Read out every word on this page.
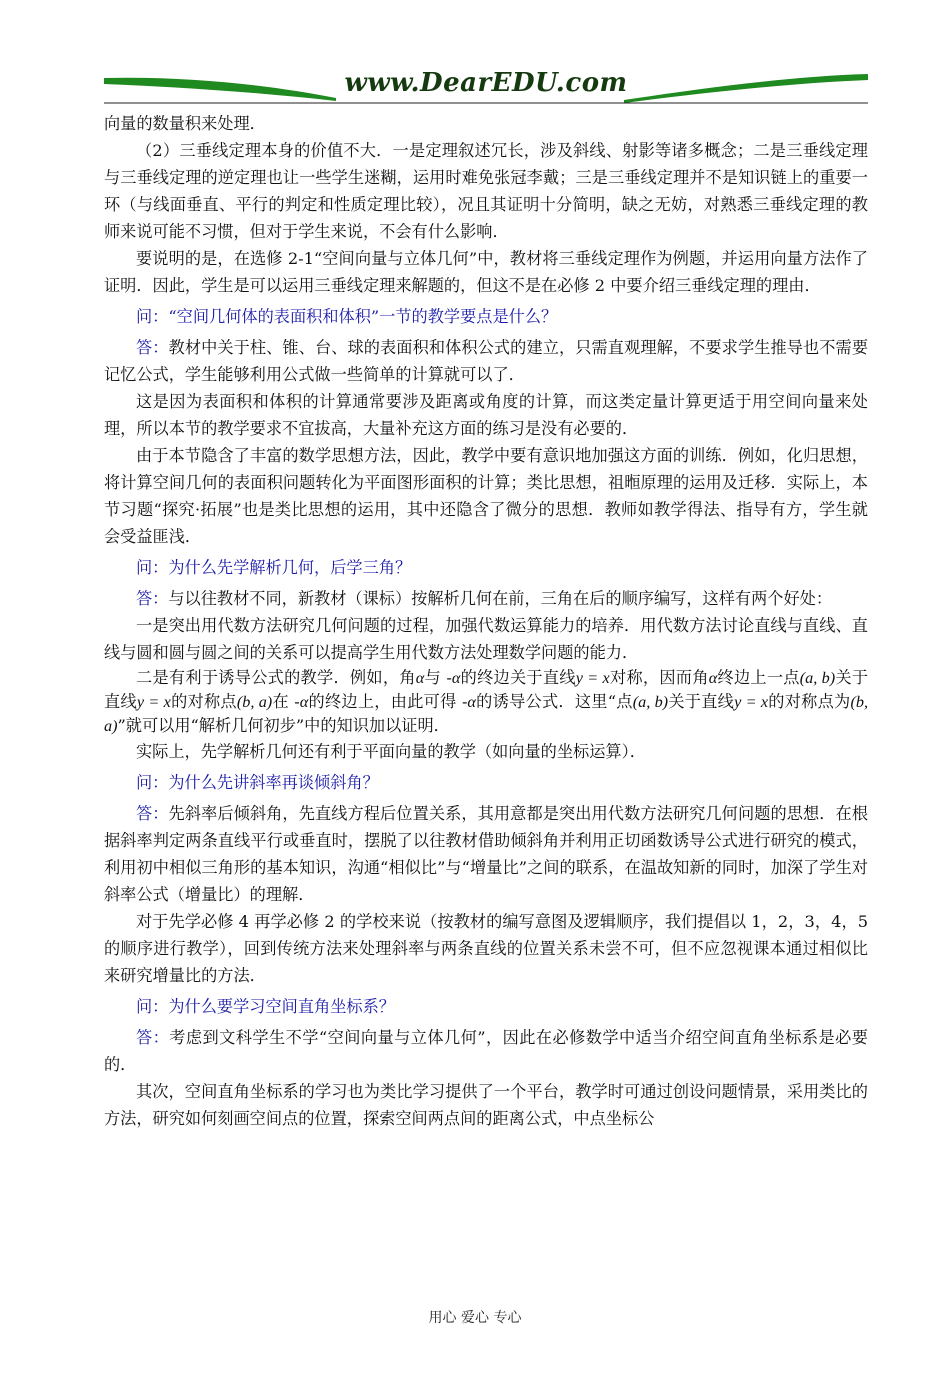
www.DearEDU.com

向量的数量积来处理．

（2）三垂线定理本身的价值不大．一是定理叙述冗长，涉及斜线、射影等诸多概念；二是三垂线定理与三垂线定理的逆定理也让一些学生迷糊，运用时难免张冠李戴；三是三垂线定理并不是知识链上的重要一环（与线面垂直、平行的判定和性质定理比较），况且其证明十分简明，缺之无妨，对熟悉三垂线定理的教师来说可能不习惯，但对于学生来说，不会有什么影响．

要说明的是，在选修 2-1“空间向量与立体几何”中，教材将三垂线定理作为例题，并运用向量方法作了证明．因此，学生是可以运用三垂线定理来解题的，但这不是在必修 2 中要介绍三垂线定理的理由．

问：“空间几何体的表面积和体积”一节的教学要点是什么？

答：教材中关于柱、锥、台、球的表面积和体积公式的建立，只需直观理解，不要求学生推导也不需要记忆公式，学生能够利用公式做一些简单的计算就可以了．

这是因为表面积和体积的计算通常要涉及距离或角度的计算，而这类定量计算更适于用空间向量来处理，所以本节的教学要求不宜拔高，大量补充这方面的练习是没有必要的．

由于本节隐含了丰富的数学思想方法，因此，教学中要有意识地加强这方面的训练．例如，化归思想，将计算空间几何的表面积问题转化为平面图形面积的计算；类比思想，祖暅原理的运用及迁移．实际上，本节习题“探究·拓展”也是类比思想的运用，其中还隐含了微分的思想．教师如教学得法、指导有方，学生就会受益匪浅．

问：为什么先学解析几何，后学三角？

答：与以往教材不同，新教材（课标）按解析几何在前，三角在后的顺序编写，这样有两个好处：

一是突出用代数方法研究几何问题的过程，加强代数运算能力的培养．用代数方法讨论直线与直线、直线与圆和圆与圆之间的关系可以提高学生用代数方法处理数学问题的能力．

二是有利于诱导公式的教学．例如，角α与 -α的终边关于直线y = x对称，因而角α终边上一点(a, b)关于直线y = x的对称点(b, a)在 -α的终边上，由此可得 -α的诱导公式．这里“点(a, b)关于直线y = x的对称点为(b, a)”就可以用“解析几何初步”中的知识加以证明．

实际上，先学解析几何还有利于平面向量的教学（如向量的坐标运算）．

问：为什么先讲斜率再谈倾斜角？

答：先斜率后倾斜角，先直线方程后位置关系，其用意都是突出用代数方法研究几何问题的思想．在根据斜率判定两条直线平行或垂直时，摆脱了以往教材借助倾斜角并利用正切函数诱导公式进行研究的模式，利用初中相似三角形的基本知识，沟通“相似比”与“增量比”之间的联系，在温故知新的同时，加深了学生对斜率公式（增量比）的理解．

对于先学必修 4 再学必修 2 的学校来说（按教材的编写意图及逻辑顺序，我们提倡以 1，2，3，4，5 的顺序进行教学），回到传统方法来处理斜率与两条直线的位置关系未尝不可，但不应忽视课本通过相似比来研究增量比的方法．

问：为什么要学习空间直角坐标系？

答：考虑到文科学生不学“空间向量与立体几何”，因此在必修数学中适当介绍空间直角坐标系是必要的．

其次，空间直角坐标系的学习也为类比学习提供了一个平台，教学时可通过创设问题情景，采用类比的方法，研究如何刻画空间点的位置，探索空间两点间的距离公式，中点坐标公

用心 爱心 专心
